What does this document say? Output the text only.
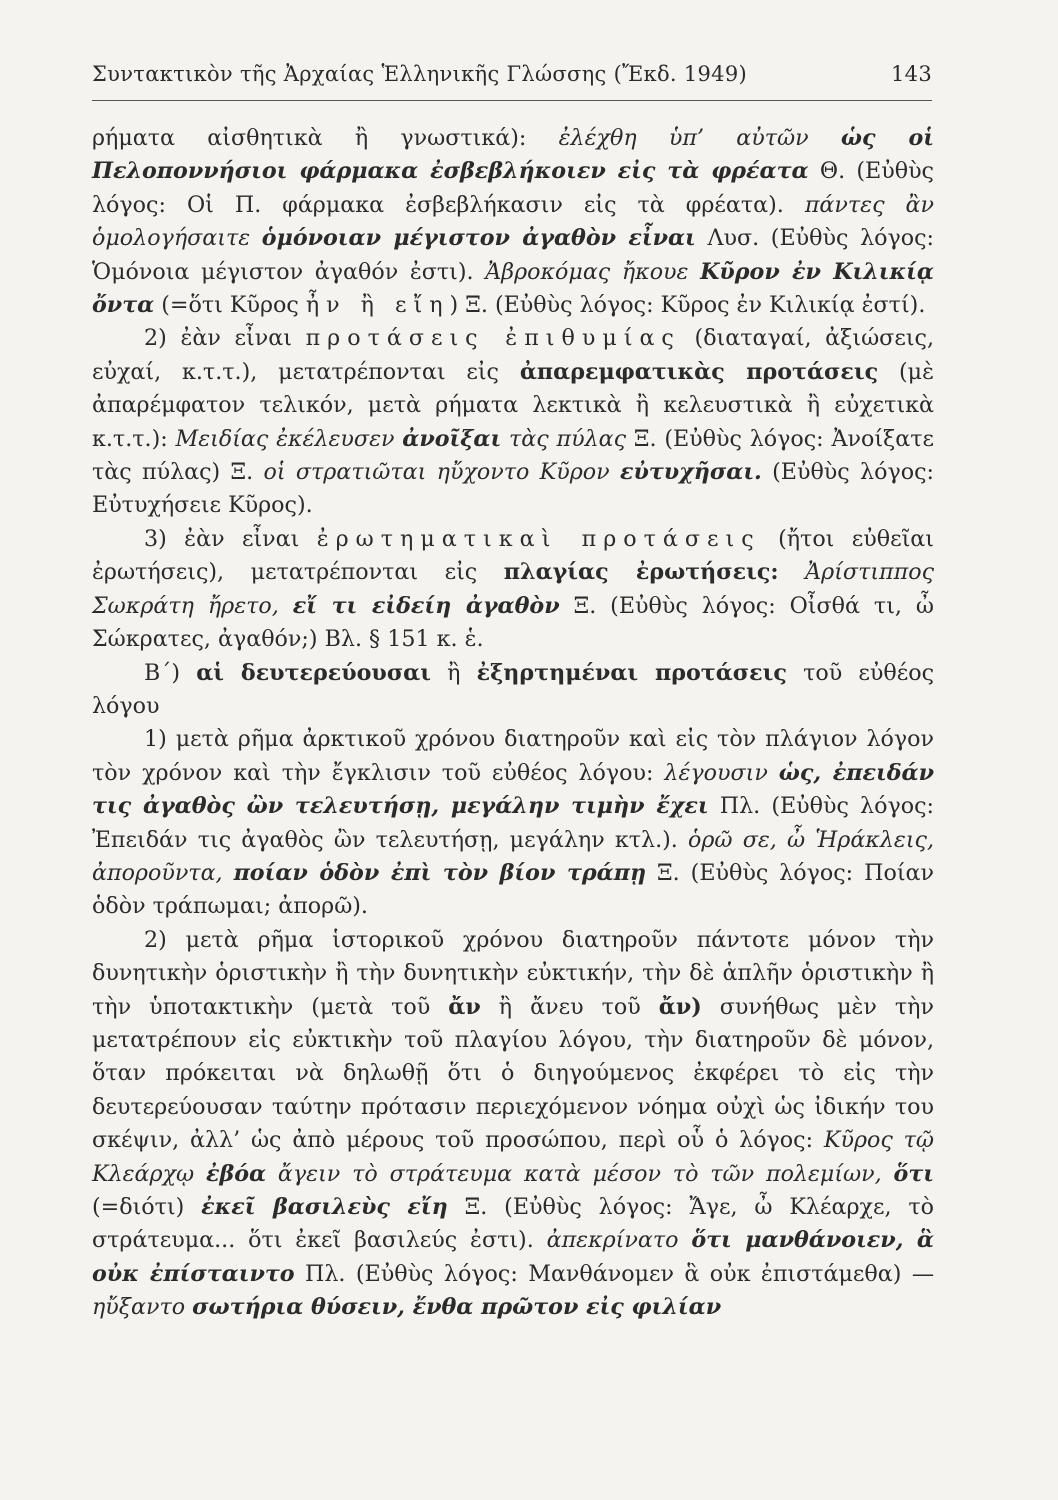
Συντακτικὸν τῆς Ἀρχαίας Ἑλληνικῆς Γλώσσης (Ἔκδ. 1949)	143

ρήματα αἰσθητικὰ ἢ γνωστικά): ἐλέχθη ὑπ’ αὐτῶν ὡς οἱ Πελοποννήσιοι φάρμακα ἐσβεβλήκοιεν εἰς τὰ φρέατα Θ. (Εὐθὺς λόγος: Οἱ Π. φάρμακα ἐσβεβλήκασιν εἰς τὰ φρέατα). πάντες ἂν ὁμολογήσαιτε ὁμόνοιαν μέγιστον ἀγαθὸν εἶναι Λυσ. (Εὐθὺς λόγος: Ὁμόνοια μέγιστον ἀγαθόν ἐστι). Ἀβροκόμας ἤκουε Κῦρον ἐν Κιλικίᾳ ὄντα (=ὅτι Κῦρος ἦν ἢ εἴη) Ξ. (Εὐθὺς λόγος: Κῦρος ἐν Κιλικίᾳ ἐστί).

2) ἐὰν εἶναι προτάσεις ἐπιθυμίας (διαταγαί, ἀξιώσεις, εὐχαί, κ.τ.τ.), μετατρέπονται εἰς ἀπαρεμφατικὰς προτάσεις (μὲ ἀπαρέμφατον τελικόν, μετὰ ρήματα λεκτικὰ ἢ κελευστικὰ ἢ εὐχετικὰ κ.τ.τ.): Μειδίας ἐκέλευσεν ἀνοῖξαι τὰς πύλας Ξ. (Εὐθὺς λόγος: Ἀνοίξατε τὰς πύλας) Ξ. οἱ στρατιῶται ηὔχοντο Κῦρον εὐτυχῆσαι. (Εὐθὺς λόγος: Εὐτυχήσειε Κῦρος).

3) ἐὰν εἶναι ἐρωτηματικαὶ προτάσεις (ἤτοι εὐθεῖαι ἐρωτήσεις), μετατρέπονται εἰς πλαγίας ἐρωτήσεις: Ἀρίστιππος Σωκράτη ἤρετο, εἴ τι εἰδείη ἀγαθὸν Ξ. (Εὐθὺς λόγος: Οἶσθά τι, ὦ Σώκρατες, ἀγαθόν;) Βλ. § 151 κ. ἑ.

Β΄) αἱ δευτερεύουσαι ἢ ἐξηρτημέναι προτάσεις τοῦ εὐθέος λόγου

1) μετὰ ρῆμα ἀρκτικοῦ χρόνου διατηροῦν καὶ εἰς τὸν πλάγιον λόγον τὸν χρόνον καὶ τὴν ἔγκλισιν τοῦ εὐθέος λόγου: λέγουσιν ὡς, ἐπειδάν τις ἀγαθὸς ὢν τελευτήσῃ, μεγάλην τιμὴν ἔχει Πλ. (Εὐθὺς λόγος: Ἐπειδάν τις ἀγαθὸς ὢν τελευτήσῃ, μεγάλην κτλ.). ὁρῶ σε, ὦ Ἡράκλεις, ἀποροῦντα, ποίαν ὁδὸν ἐπὶ τὸν βίον τράπῃ Ξ. (Εὐθὺς λόγος: Ποίαν ὁδὸν τράπωμαι; ἀπορῶ).

2) μετὰ ρῆμα ἱστορικοῦ χρόνου διατηροῦν πάντοτε μόνον τὴν δυνητικὴν ὁριστικὴν ἢ τὴν δυνητικὴν εὐκτικήν, τὴν δὲ ἁπλῆν ὁριστικὴν ἢ τὴν ὑποτακτικὴν (μετὰ τοῦ ἄν ἢ ἄνευ τοῦ ἄν) συνήθως μὲν τὴν μετατρέπουν εἰς εὐκτικὴν τοῦ πλαγίου λόγου, τὴν διατηροῦν δὲ μόνον, ὅταν πρόκειται νὰ δηλωθῇ ὅτι ὁ διηγούμενος ἐκφέρει τὸ εἰς τὴν δευτερεύουσαν ταύτην πρότασιν περιεχόμενον νόημα οὐχὶ ὡς ἰδικήν του σκέψιν, ἀλλ’ ὡς ἀπὸ μέρους τοῦ προσώπου, περὶ οὗ ὁ λόγος: Κῦρος τῷ Κλεάρχῳ ἐβόα ἄγειν τὸ στράτευμα κατὰ μέσον τὸ τῶν πολεμίων, ὅτι (=διότι) ἐκεῖ βασιλεὺς εἴη Ξ. (Εὐθὺς λόγος: Ἄγε, ὦ Κλέαρχε, τὸ στράτευμα... ὅτι ἐκεῖ βασιλεύς ἐστι). ἀπεκρίνατο ὅτι μανθάνοιεν, ἃ οὐκ ἐπίσταιντο Πλ. (Εὐθὺς λόγος: Μανθάνομεν ἃ οὐκ ἐπιστάμεθα) — ηὔξαντο σωτήρια θύσειν, ἔνθα πρῶτον εἰς φιλίαν
